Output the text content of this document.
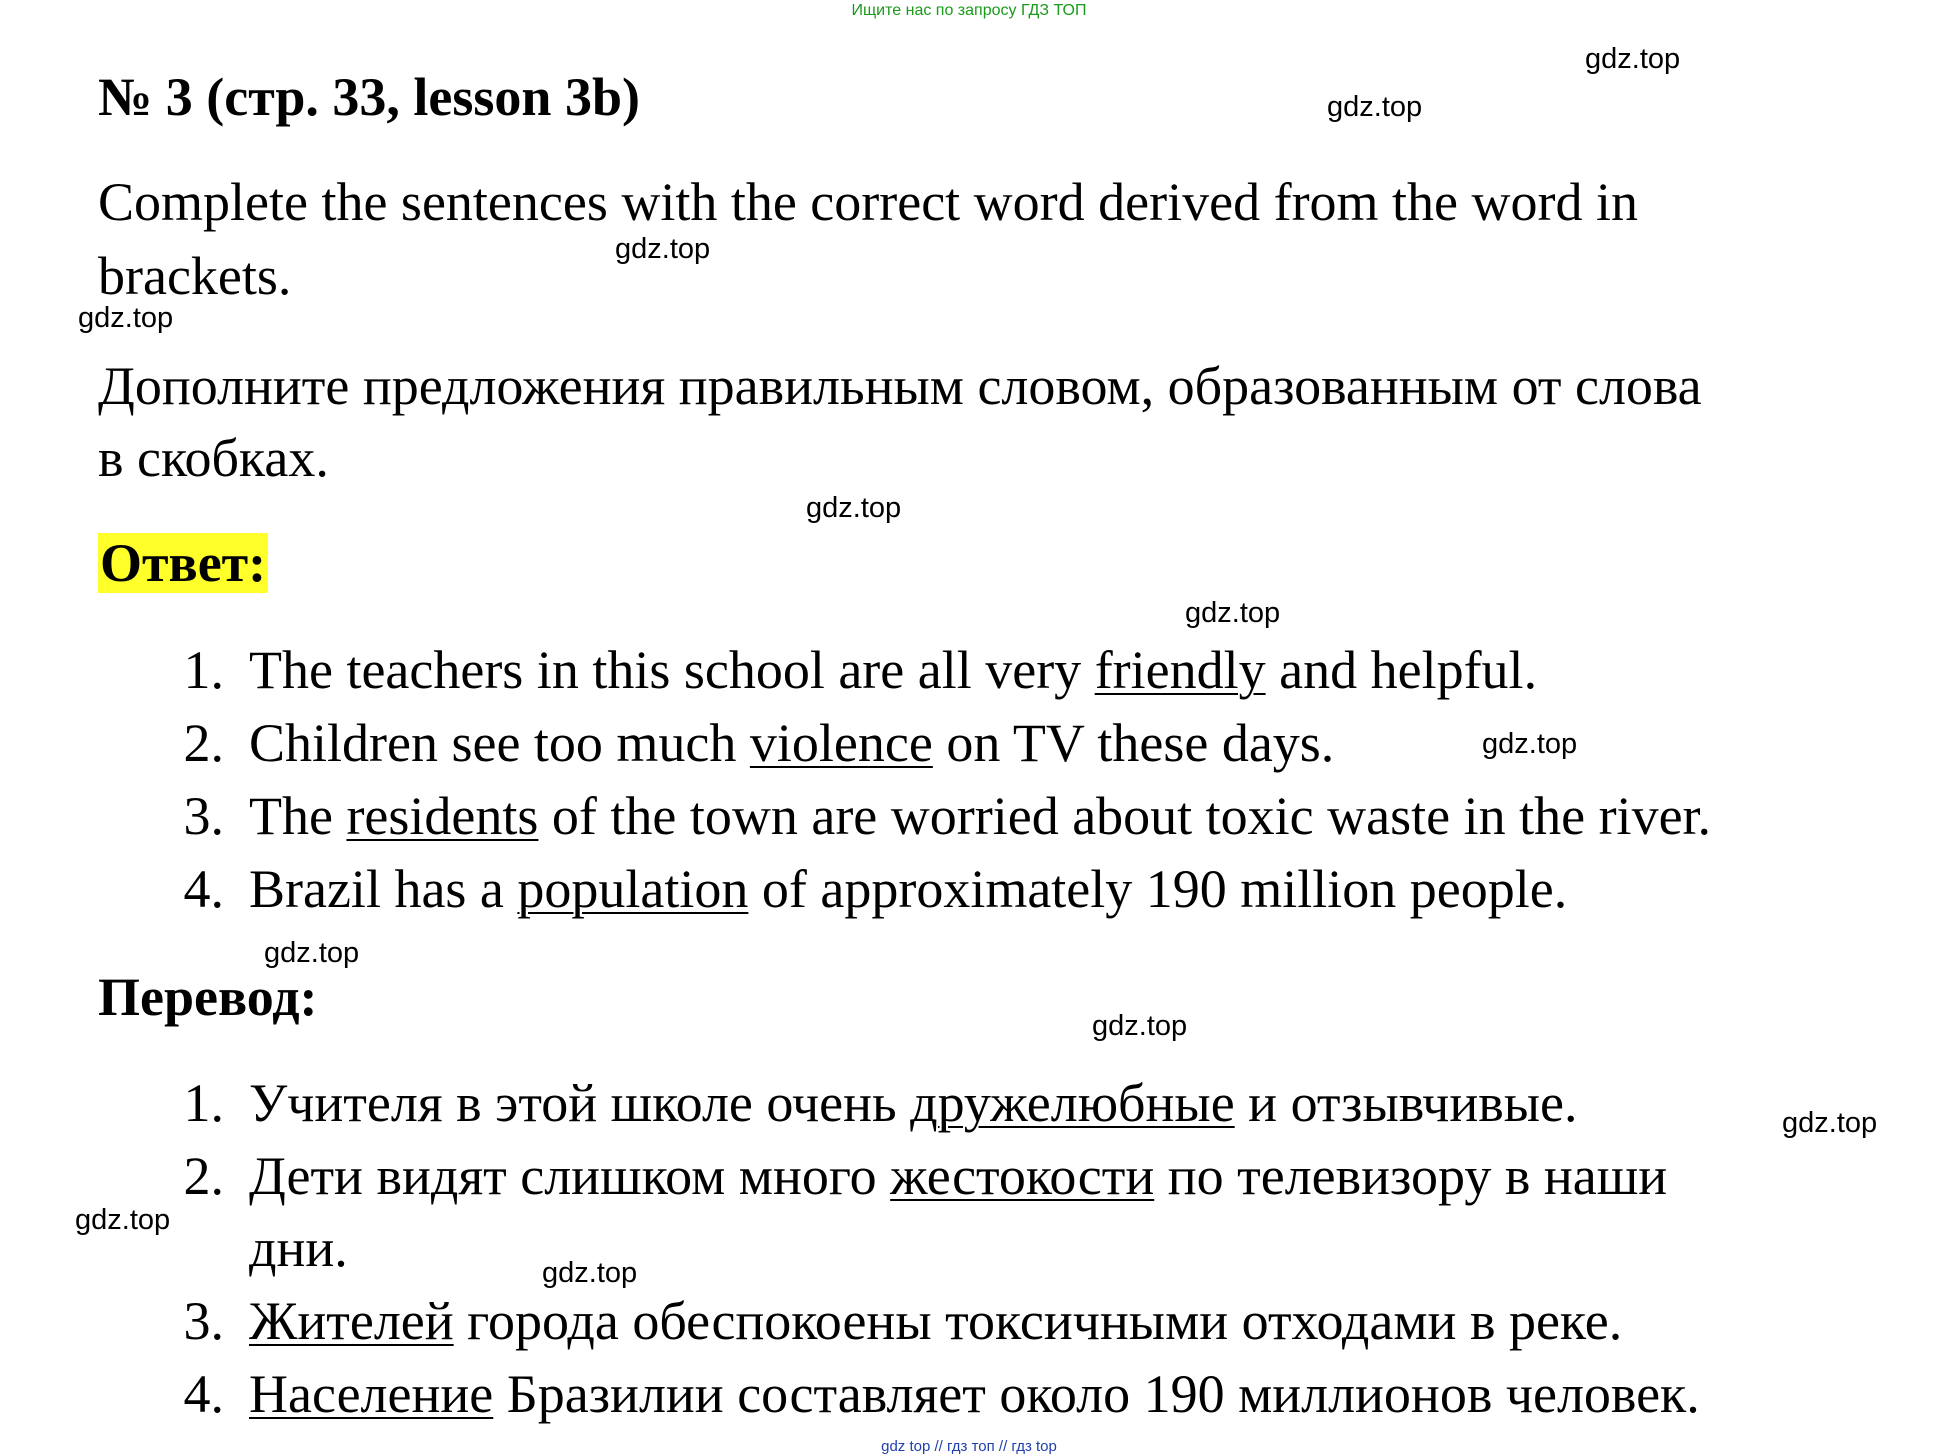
Ищите нас по запросу ГДЗ ТОП
№ 3 (стр. 33, lesson 3b)
Complete the sentences with the correct word derived from the word in
brackets.
Дополните предложения правильным словом, образованным от слова
в скобках.
Ответ:
1. The teachers in this school are all very friendly and helpful.
2. Children see too much violence on TV these days.
3. The residents of the town are worried about toxic waste in the river.
4. Brazil has a population of approximately 190 million people.
Перевод:
1. Учителя в этой школе очень дружелюбные и отзывчивые.
2. Дети видят слишком много жестокости по телевизору в наши
дни.
3. Жителей города обеспокоены токсичными отходами в реке.
4. Население Бразилии составляет около 190 миллионов человек.
gdz.top
gdz.top
gdz.top
gdz.top
gdz.top
gdz.top
gdz.top
gdz.top
gdz.top
gdz.top
gdz.top
gdz.top
gdz top // гдз топ // гдз top
